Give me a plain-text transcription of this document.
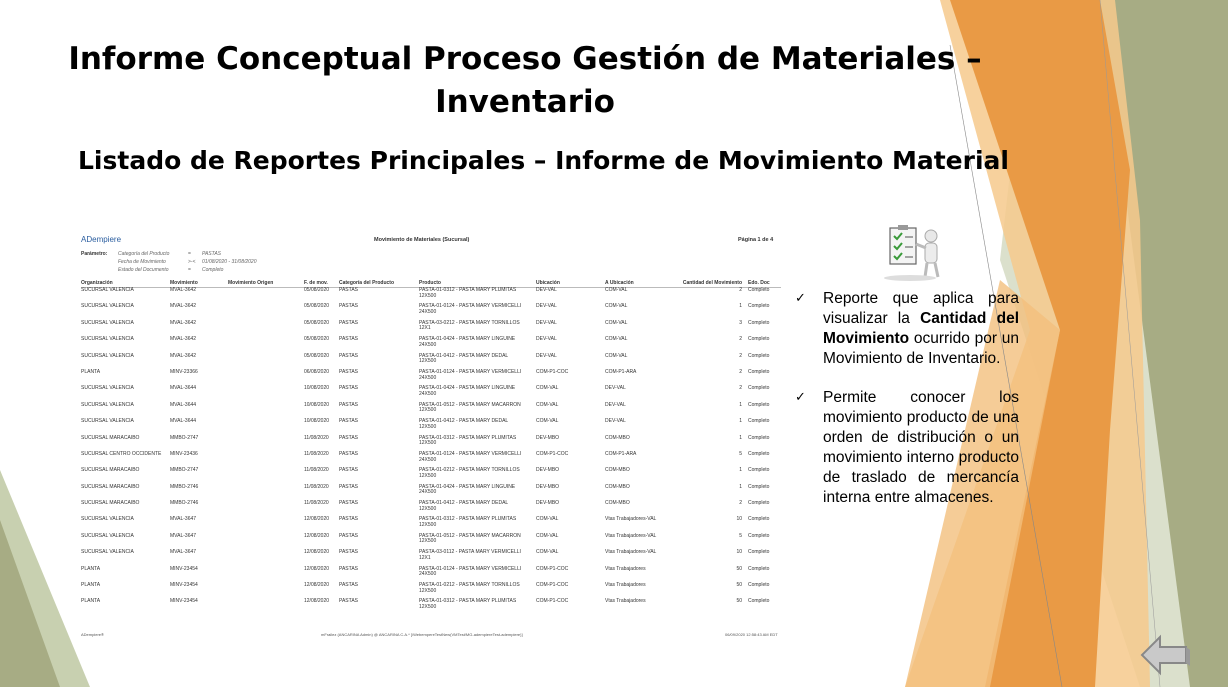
Informe Conceptual Proceso Gestión de Materiales –
Inventario
Listado de Reportes Principales – Informe de Movimiento Material
ADempiere	Movimiento de Materiales (Sucursal)	Página 1 de 4
Parámetro:	Categoría del Producto	=	PASTAS
Fecha de Movimiento	>-<	01/08/2020 - 31/08/2020
Estado del Documento	=	Completo
Organización	Movimiento	Movimiento Origen	F. de mov.	Categoría del Producto	Producto	Ubicación	A Ubicación	Cantidad del Movimiento	Edo. Doc
SUCURSAL VALENCIA	MVAL-3642		05/08/2020	PASTAS	PASTA-01-0312 - PASTA MARY PLUMITAS
12X500	DEV-VAL	COM-VAL	2	Completo
SUCURSAL VALENCIA	MVAL-3642		05/08/2020	PASTAS	PASTA-01-0124 - PASTA MARY VERMICELLI
24X500	DEV-VAL	COM-VAL	1	Completo
SUCURSAL VALENCIA	MVAL-3642		05/08/2020	PASTAS	PASTA-03-0212 - PASTA MARY TORNILLOS
12X1	DEV-VAL	COM-VAL	3	Completo
SUCURSAL VALENCIA	MVAL-3642		05/08/2020	PASTAS	PASTA-01-0424 - PASTA MARY LINGUINE
24X500	DEV-VAL	COM-VAL	2	Completo
SUCURSAL VALENCIA	MVAL-3642		05/08/2020	PASTAS	PASTA-01-0412 - PASTA MARY DEDAL
12X500	DEV-VAL	COM-VAL	2	Completo
PLANTA	MINV-23366		06/08/2020	PASTAS	PASTA-01-0124 - PASTA MARY VERMICELLI
24X500	COM-P1-COC	COM-P1-ARA	2	Completo
SUCURSAL VALENCIA	MVAL-3644		10/08/2020	PASTAS	PASTA-01-0424 - PASTA MARY LINGUINE
24X500	COM-VAL	DEV-VAL	2	Completo
SUCURSAL VALENCIA	MVAL-3644		10/08/2020	PASTAS	PASTA-01-0512 - PASTA MARY MACARRON
12X500	COM-VAL	DEV-VAL	1	Completo
SUCURSAL VALENCIA	MVAL-3644		10/08/2020	PASTAS	PASTA-01-0412 - PASTA MARY DEDAL
12X500	COM-VAL	DEV-VAL	1	Completo
SUCURSAL MARACAIBO	MMBO-2747		11/08/2020	PASTAS	PASTA-01-0312 - PASTA MARY PLUMITAS
12X500	DEV-MBO	COM-MBO	1	Completo
SUCURSAL CENTRO OCCIDENTE	MINV-23436		11/08/2020	PASTAS	PASTA-01-0124 - PASTA MARY VERMICELLI
24X500	COM-P1-COC	COM-P1-ARA	5	Completo
SUCURSAL MARACAIBO	MMBO-2747		11/08/2020	PASTAS	PASTA-01-0212 - PASTA MARY TORNILLOS
12X500	DEV-MBO	COM-MBO	1	Completo
SUCURSAL MARACAIBO	MMBO-2746		11/08/2020	PASTAS	PASTA-01-0424 - PASTA MARY LINGUINE
24X500	DEV-MBO	COM-MBO	1	Completo
SUCURSAL MARACAIBO	MMBO-2746		11/08/2020	PASTAS	PASTA-01-0412 - PASTA MARY DEDAL
12X500	DEV-MBO	COM-MBO	2	Completo
SUCURSAL VALENCIA	MVAL-3647		12/08/2020	PASTAS	PASTA-01-0312 - PASTA MARY PLUMITAS
12X500	COM-VAL	Vtas Trabajadores-VAL	10	Completo
SUCURSAL VALENCIA	MVAL-3647		12/08/2020	PASTAS	PASTA-01-0512 - PASTA MARY MACARRON
12X500	COM-VAL	Vtas Trabajadores-VAL	5	Completo
SUCURSAL VALENCIA	MVAL-3647		12/08/2020	PASTAS	PASTA-03-0112 - PASTA MARY VERMICELLI
12X1	COM-VAL	Vtas Trabajadores-VAL	10	Completo
PLANTA	MINV-23454		12/08/2020	PASTAS	PASTA-01-0124 - PASTA MARY VERMICELLI
24X500	COM-P1-COC	Vtas Trabajadores	50	Completo
PLANTA	MINV-23454		12/08/2020	PASTAS	PASTA-01-0212 - PASTA MARY TORNILLOS
12X500	COM-P1-COC	Vtas Trabajadores	50	Completo
PLANTA	MINV-23454		12/08/2020	PASTAS	PASTA-01-0312 - PASTA MARY PLUMITAS
12X500	COM-P1-COC	Vtas Trabajadores	50	Completo
ADempiere®	mFrailez (ANCARINA Admin) @ ANCARINA C.A.* [/WebempereTestNew(VMTest/MG-adempiereTest-adempiere)]	06/09/2020 12:58:43 AM EDT
✓	Reporte que aplica para visualizar la Cantidad del Movimiento ocurrido por un Movimiento de Inventario.
✓	Permite conocer los movimiento producto de una orden de distribución o un movimiento interno producto de traslado de mercancía interna entre almacenes.
